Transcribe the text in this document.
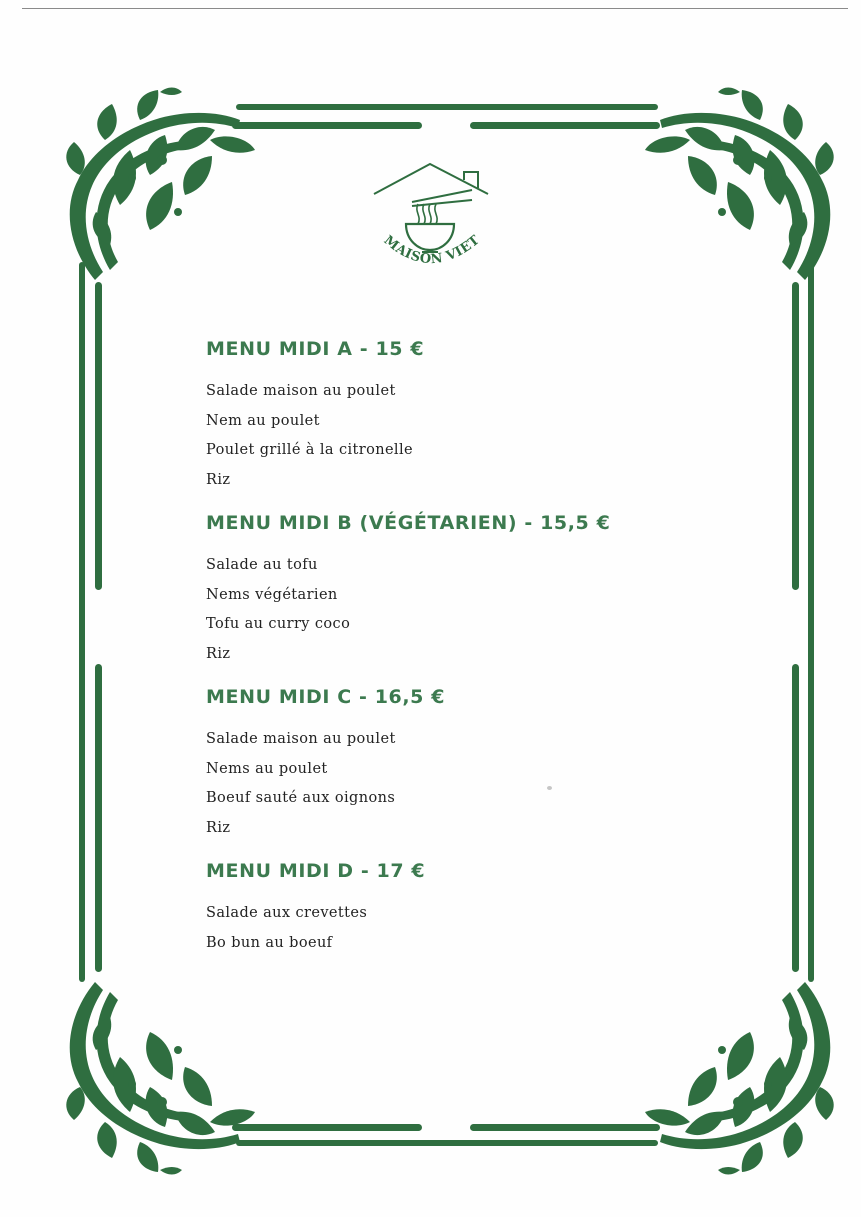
MAISON VIET
MENU MIDI A - 15 €
Salade maison au poulet
Nem au poulet
Poulet grillé à la citronelle
Riz
MENU MIDI B (VÉGÉTARIEN) - 15,5 €
Salade au tofu
Nems végétarien
Tofu au curry coco
Riz
MENU MIDI C - 16,5 €
Salade maison au poulet
Nems au poulet
Boeuf sauté aux oignons
Riz
MENU MIDI D - 17 €
Salade aux crevettes
Bo bun au boeuf
